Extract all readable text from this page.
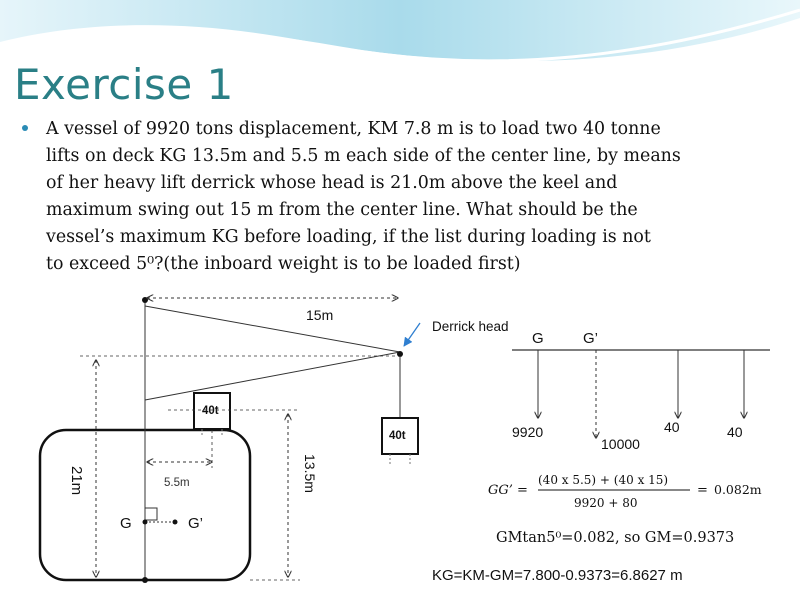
Exercise 1
A vessel of 9920 tons displacement, KM 7.8 m is to load two 40 tonne
lifts on deck KG 13.5m and 5.5 m each side of the center line, by means
of her heavy lift derrick whose head is 21.0m above the keel and
maximum swing out 15 m from the center line. What should be the
vessel’s maximum KG before loading, if the list during loading is not
to exceed 5⁰?(the inboard weight is to be loaded first)
15m
Derrick head
40t
40t
21m	13.5m
5.5m
G	G’
G	G’
9920
10000
40	40
GG’ =
(40 x 5.5) + (40 x 15)
9920 + 80
= 0.082m
GMtan5⁰=0.082, so GM=0.9373
KG=KM-GM=7.800-0.9373=6.8627 m
